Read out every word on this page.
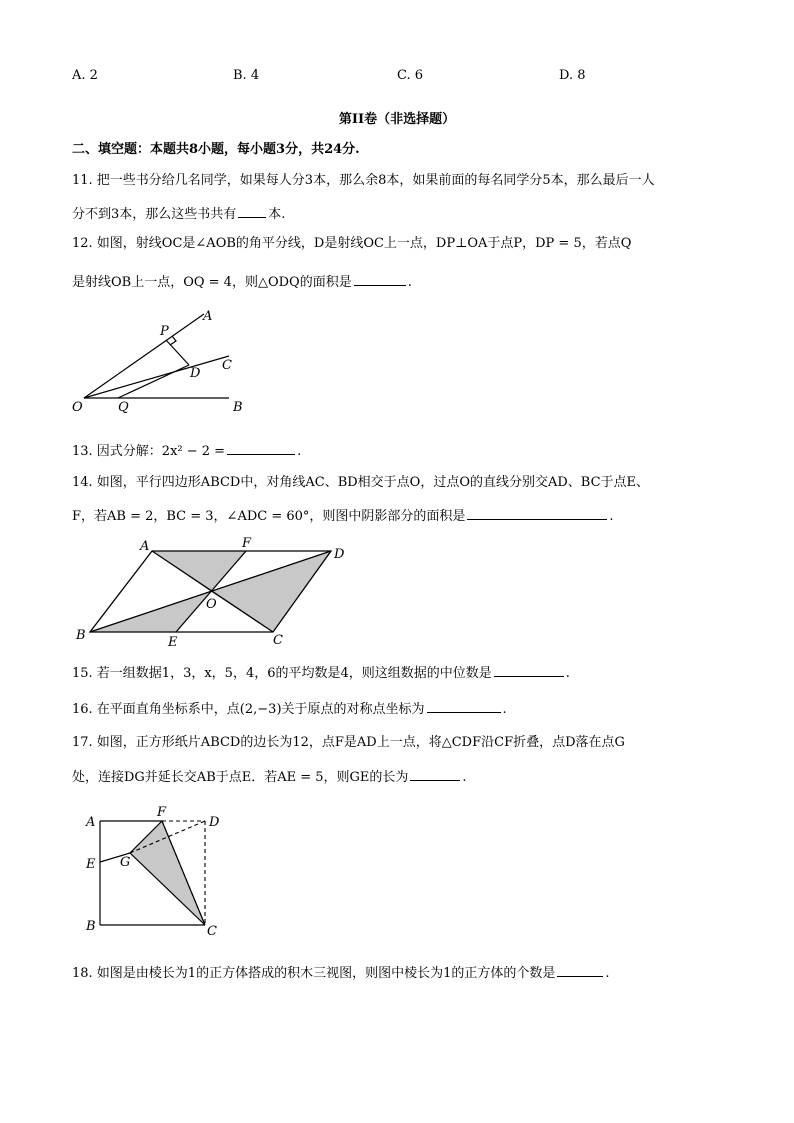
A. 2	B. 4	C. 6	D. 8
第II卷（非选择题）
二、填空题：本题共8小题，每小题3分，共24分.
11. 把一些书分给几名同学，如果每人分3本，那么余8本，如果前面的每名同学分5本，那么最后一人
分不到3本，那么这些书共有 本.
12. 如图，射线OC是∠AOB的角平分线，D是射线OC上一点，DP⊥OA于点P，DP = 5，若点Q
是射线OB上一点，OQ = 4，则△ODQ的面积是	.
A
P
C
D
O	Q	B
13. 因式分解：2x² − 2 =	.
14. 如图，平行四边形ABCD中，对角线AC、BD相交于点O，过点O的直线分别交AD、BC于点E、
F，若AB = 2，BC = 3，∠ADC = 60°，则图中阴影部分的面积是	.
A	F
D
O
B	E	C
15. 若一组数据1，3，x，5，4，6的平均数是4，则这组数据的中位数是	.
16. 在平面直角坐标系中，点(2,−3)关于原点的对称点坐标为	.
17. 如图，正方形纸片ABCD的边长为12，点F是AD上一点，将△CDF沿CF折叠，点D落在点G
处，连接DG并延长交AB于点E．若AE = 5，则GE的长为	.
A
F
D
E G
B	C
18. 如图是由棱长为1的正方体搭成的积木三视图，则图中棱长为1的正方体的个数是	.
